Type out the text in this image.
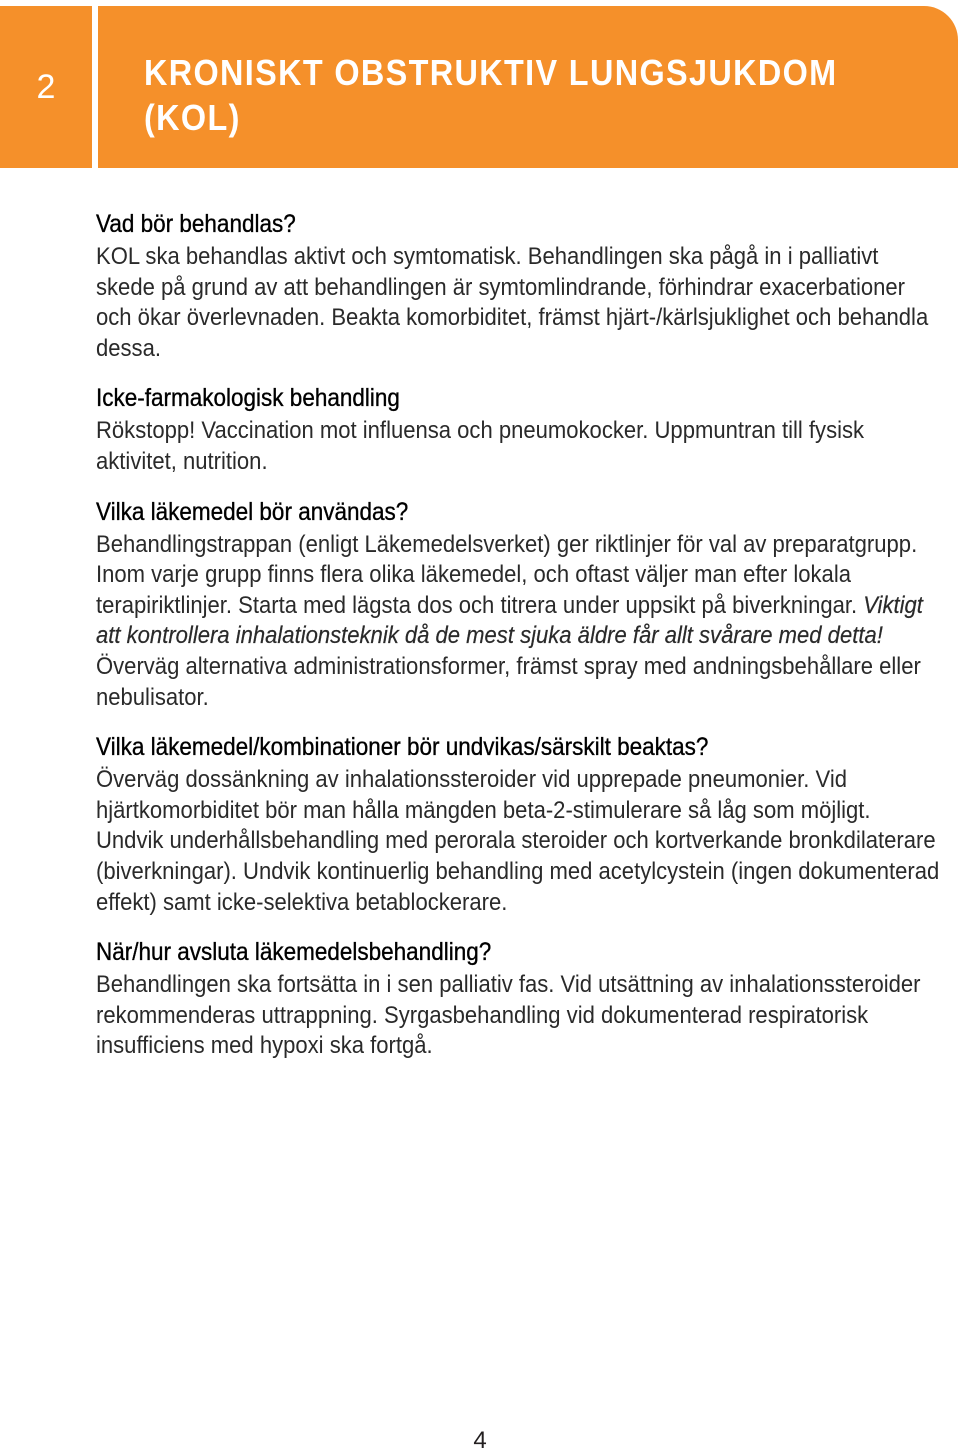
2 KRONISKT OBSTRUKTIV LUNGSJUKDOM
(KOL)
Vad bör behandlas?

KOL ska behandlas aktivt och symtomatisk. Behandlingen ska pågå in i palliativt skede på grund av att behandlingen är symtomlindrande, förhindrar exacerbationer och ökar överlevnaden. Beakta komorbiditet, främst hjärt-/kärlsjuklighet och behandla dessa.

Icke-farmakologisk behandling

Rökstopp! Vaccination mot influensa och pneumokocker. Uppmuntran till fysisk aktivitet, nutrition.

Vilka läkemedel bör användas?

Behandlingstrappan (enligt Läkemedelsverket) ger riktlinjer för val av preparatgrupp. Inom varje grupp finns flera olika läkemedel, och oftast väljer man efter lokala terapiriktlinjer. Starta med lägsta dos och titrera under uppsikt på biverkningar. Viktigt att kontrollera inhalationsteknik då de mest sjuka äldre får allt svårare med detta! Överväg alternativa administrationsformer, främst spray med andningsbehållare eller nebulisator.

Vilka läkemedel/kombinationer bör undvikas/särskilt beaktas?

Överväg dossänkning av inhalationssteroider vid upprepade pneumonier. Vid hjärtkomorbiditet bör man hålla mängden beta-2-stimulerare så låg som möjligt. Undvik underhållsbehandling med perorala steroider och kortverkande bronkdilaterare (biverkningar). Undvik kontinuerlig behandling med acetylcystein (ingen dokumenterad effekt) samt icke-selektiva betablockerare.

När/hur avsluta läkemedelsbehandling?

Behandlingen ska fortsätta in i sen palliativ fas. Vid utsättning av inhalationssteroider rekommenderas uttrappning. Syrgasbehandling vid dokumenterad respiratorisk insufficiens med hypoxi ska fortgå.

4
